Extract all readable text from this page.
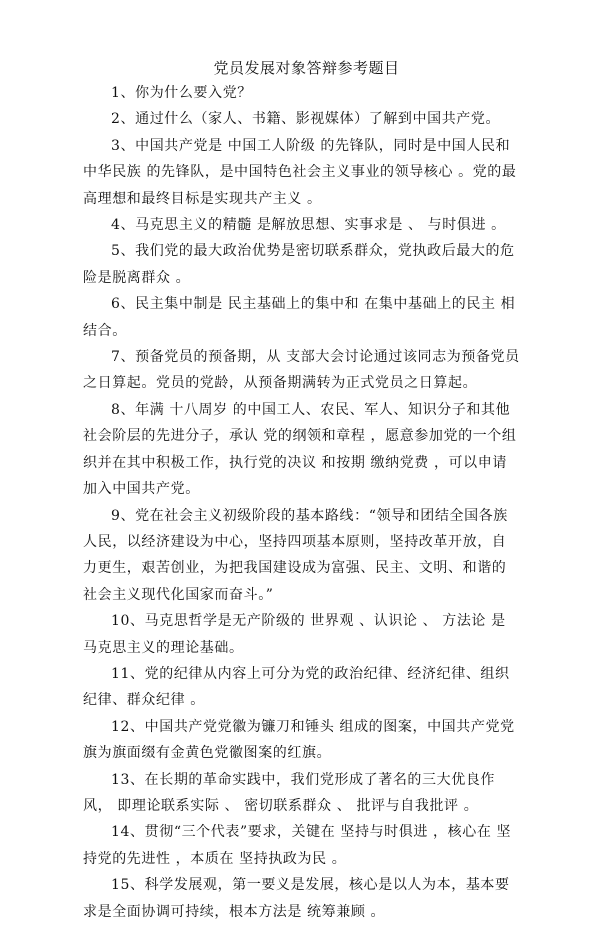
党员发展对象答辩参考题目

1、你为什么要入党？

2、通过什么（家人、书籍、影视媒体）了解到中国共产党。

3、中国共产党是 中国工人阶级 的先锋队，同时是中国人民和中华民族 的先锋队，是中国特色社会主义事业的领导核心 。党的最高理想和最终目标是实现共产主义 。

4、马克思主义的精髓 是解放思想、实事求是 、 与时俱进 。

5、我们党的最大政治优势是密切联系群众，党执政后最大的危险是脱离群众 。

6、民主集中制是 民主基础上的集中和 在集中基础上的民主 相结合。

7、预备党员的预备期，从 支部大会讨论通过该同志为预备党员之日算起。党员的党龄，从预备期满转为正式党员之日算起。

8、年满 十八周岁 的中国工人、农民、军人、知识分子和其他社会阶层的先进分子，承认 党的纲领和章程 ，愿意参加党的一个组织并在其中积极工作，执行党的决议 和按期 缴纳党费 ，可以申请加入中国共产党。

9、党在社会主义初级阶段的基本路线：“领导和团结全国各族人民，以经济建设为中心，坚持四项基本原则，坚持改革开放，自力更生，艰苦创业，为把我国建设成为富强、民主、文明、和谐的社会主义现代化国家而奋斗。”

10、马克思哲学是无产阶级的 世界观 、认识论 、 方法论 是马克思主义的理论基础。

11、党的纪律从内容上可分为党的政治纪律、经济纪律、组织纪律、群众纪律 。

12、中国共产党党徽为镰刀和锤头 组成的图案，中国共产党党旗为旗面缀有金黄色党徽图案的红旗。

13、在长期的革命实践中，我们党形成了著名的三大优良作风， 即理论联系实际 、 密切联系群众 、 批评与自我批评 。

14、贯彻“三个代表”要求，关键在 坚持与时俱进 ，核心在 坚持党的先进性 ，本质在 坚持执政为民 。

15、科学发展观，第一要义是发展，核心是以人为本，基本要求是全面协调可持续，根本方法是 统筹兼顾 。
